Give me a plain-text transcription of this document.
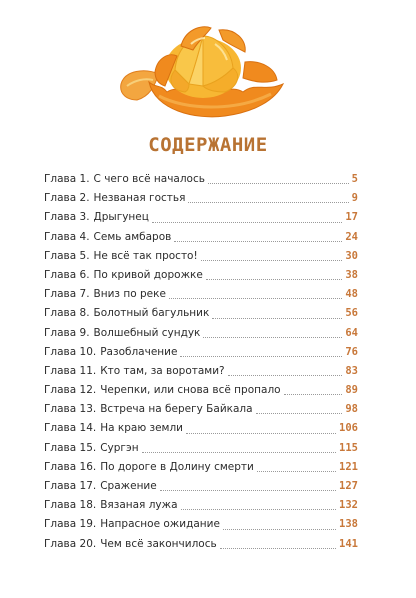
СОДЕРЖАНИЕ
Глава 1. С чего всё началось	5
Глава 2. Незваная гостья	9
Глава 3. Дрыгунец	17
Глава 4. Семь амбаров	24
Глава 5. Не всё так просто!	30
Глава 6. По кривой дорожке	38
Глава 7. Вниз по реке	48
Глава 8. Болотный багульник	56
Глава 9. Волшебный сундук	64
Глава 10. Разоблачение	76
Глава 11. Кто там, за воротами?	83
Глава 12. Черепки, или снова всё пропало	89
Глава 13. Встреча на берегу Байкала	98
Глава 14. На краю земли	106
Глава 15. Сургэн	115
Глава 16. По дороге в Долину смерти	121
Глава 17. Сражение	127
Глава 18. Вязаная лужа	132
Глава 19. Напрасное ожидание	138
Глава 20. Чем всё закончилось	141
